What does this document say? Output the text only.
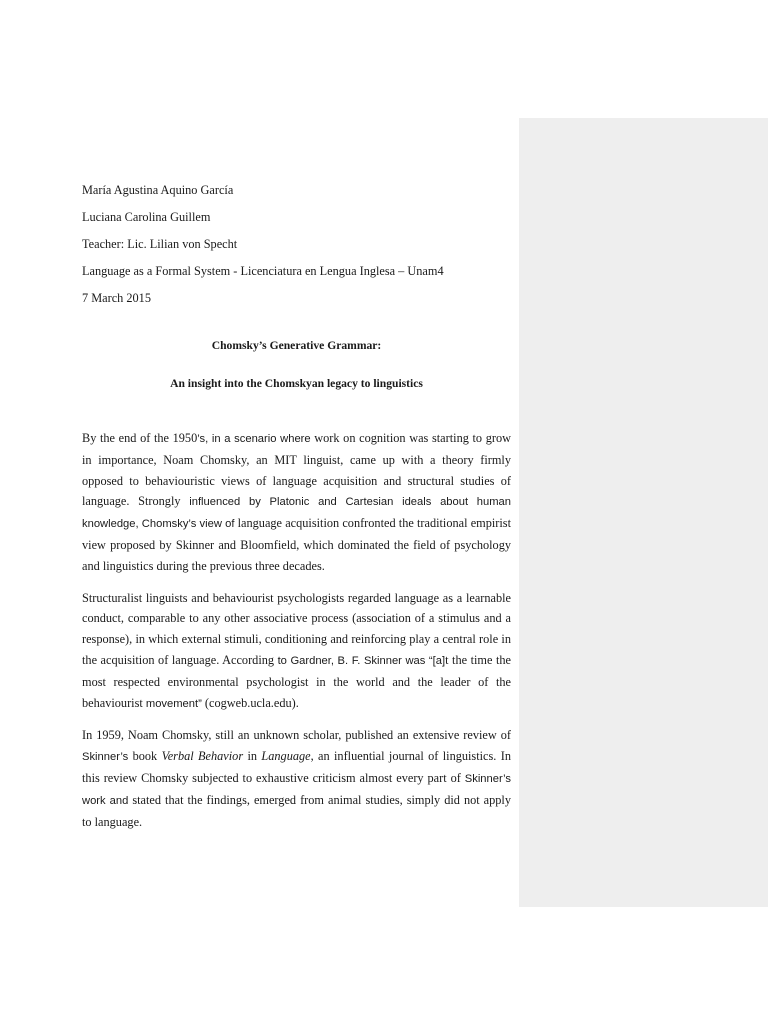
María Agustina Aquino García

Luciana Carolina Guillem

Teacher: Lic. Lilian von Specht

Language as a Formal System - Licenciatura en Lengua Inglesa – Unam4

7 March 2015

Chomsky’s Generative Grammar:

An insight into the Chomskyan legacy to linguistics

By the end of the 1950’s, in a scenario where work on cognition was starting to grow in importance, Noam Chomsky, an MIT linguist, came up with a theory firmly opposed to behaviouristic views of language acquisition and structural studies of language. Strongly influenced by Platonic and Cartesian ideals about human knowledge, Chomsky’s view of language acquisition confronted the traditional empirist view proposed by Skinner and Bloomfield, which dominated the field of psychology and linguistics during the previous three decades.

Structuralist linguists and behaviourist psychologists regarded language as a learnable conduct, comparable to any other associative process (association of a stimulus and a response), in which external stimuli, conditioning and reinforcing play a central role in the acquisition of language. According to Gardner, B. F. Skinner was “[a]t the time the most respected environmental psychologist in the world and the leader of the behaviourist movement” (cogweb.ucla.edu).

In 1959, Noam Chomsky, still an unknown scholar, published an extensive review of Skinner’s book Verbal Behavior in Language, an influential journal of linguistics. In this review Chomsky subjected to exhaustive criticism almost every part of Skinner’s work and stated that the findings, emerged from animal studies, simply did not apply to language.
